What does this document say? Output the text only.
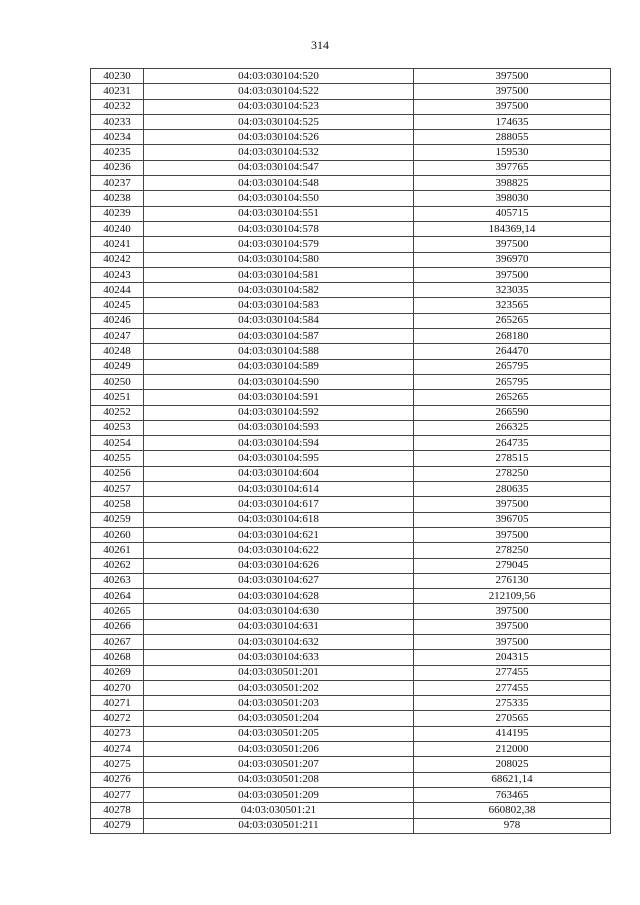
314
40230	04:03:030104:520	397500
40231	04:03:030104:522	397500
40232	04:03:030104:523	397500
40233	04:03:030104:525	174635
40234	04:03:030104:526	288055
40235	04:03:030104:532	159530
40236	04:03:030104:547	397765
40237	04:03:030104:548	398825
40238	04:03:030104:550	398030
40239	04:03:030104:551	405715
40240	04:03:030104:578	184369,14
40241	04:03:030104:579	397500
40242	04:03:030104:580	396970
40243	04:03:030104:581	397500
40244	04:03:030104:582	323035
40245	04:03:030104:583	323565
40246	04:03:030104:584	265265
40247	04:03:030104:587	268180
40248	04:03:030104:588	264470
40249	04:03:030104:589	265795
40250	04:03:030104:590	265795
40251	04:03:030104:591	265265
40252	04:03:030104:592	266590
40253	04:03:030104:593	266325
40254	04:03:030104:594	264735
40255	04:03:030104:595	278515
40256	04:03:030104:604	278250
40257	04:03:030104:614	280635
40258	04:03:030104:617	397500
40259	04:03:030104:618	396705
40260	04:03:030104:621	397500
40261	04:03:030104:622	278250
40262	04:03:030104:626	279045
40263	04:03:030104:627	276130
40264	04:03:030104:628	212109,56
40265	04:03:030104:630	397500
40266	04:03:030104:631	397500
40267	04:03:030104:632	397500
40268	04:03:030104:633	204315
40269	04:03:030501:201	277455
40270	04:03:030501:202	277455
40271	04:03:030501:203	275335
40272	04:03:030501:204	270565
40273	04:03:030501:205	414195
40274	04:03:030501:206	212000
40275	04:03:030501:207	208025
40276	04:03:030501:208	68621,14
40277	04:03:030501:209	763465
40278	04:03:030501:21	660802,38
40279	04:03:030501:211	978
